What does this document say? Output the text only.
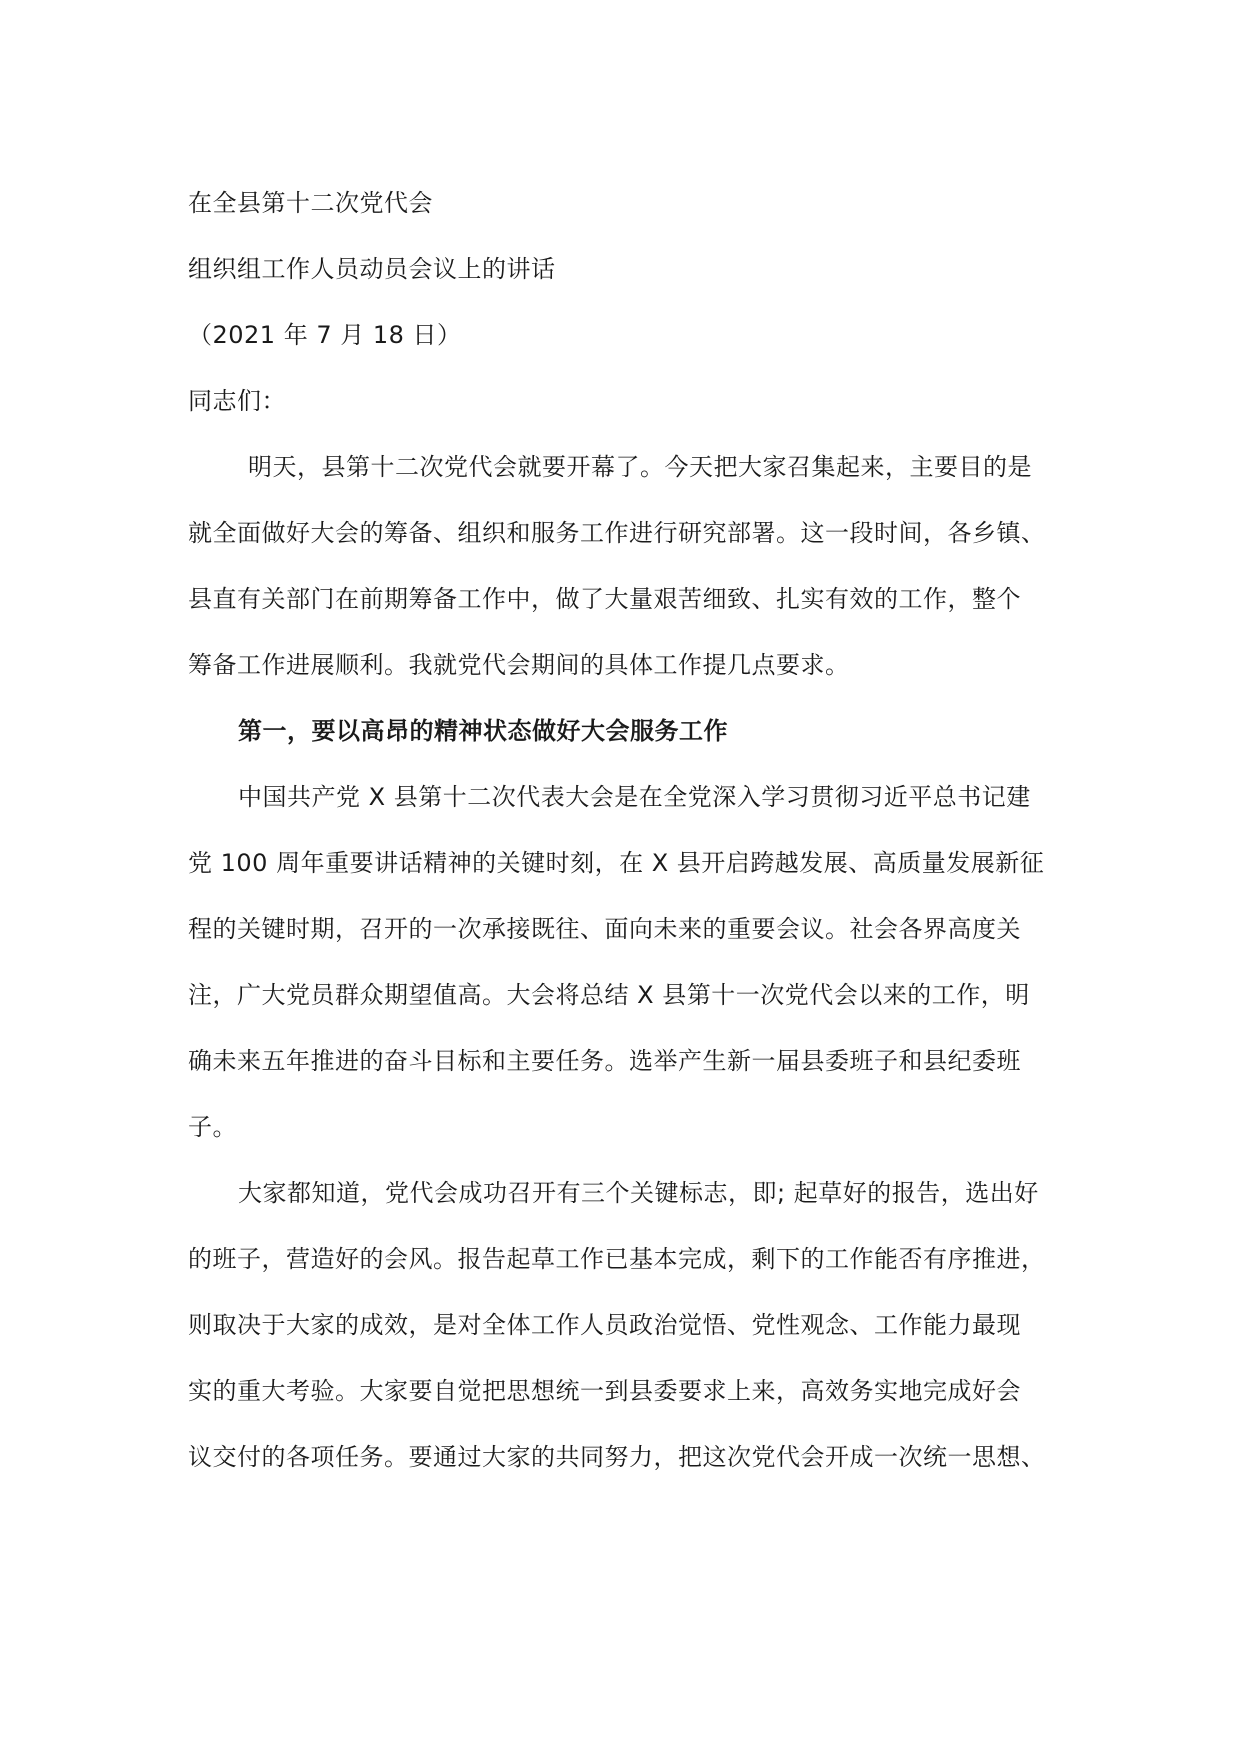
在全县第十二次党代会
组织组工作人员动员会议上的讲话
（2021 年 7 月 18 日）
同志们：
明天，县第十二次党代会就要开幕了。今天把大家召集起来，主要目的是
就全面做好大会的筹备、组织和服务工作进行研究部署。这一段时间，各乡镇、
县直有关部门在前期筹备工作中，做了大量艰苦细致、扎实有效的工作，整个
筹备工作进展顺利。我就党代会期间的具体工作提几点要求。
第一，要以高昂的精神状态做好大会服务工作
中国共产党 X 县第十二次代表大会是在全党深入学习贯彻习近平总书记建
党 100 周年重要讲话精神的关键时刻，在 X 县开启跨越发展、高质量发展新征
程的关键时期，召开的一次承接既往、面向未来的重要会议。社会各界高度关
注，广大党员群众期望值高。大会将总结 X 县第十一次党代会以来的工作，明
确未来五年推进的奋斗目标和主要任务。选举产生新一届县委班子和县纪委班
子。
大家都知道，党代会成功召开有三个关键标志，即; 起草好的报告，选出好
的班子，营造好的会风。报告起草工作已基本完成，剩下的工作能否有序推进，
则取决于大家的成效，是对全体工作人员政治觉悟、党性观念、工作能力最现
实的重大考验。大家要自觉把思想统一到县委要求上来，高效务实地完成好会
议交付的各项任务。要通过大家的共同努力，把这次党代会开成一次统一思想、
